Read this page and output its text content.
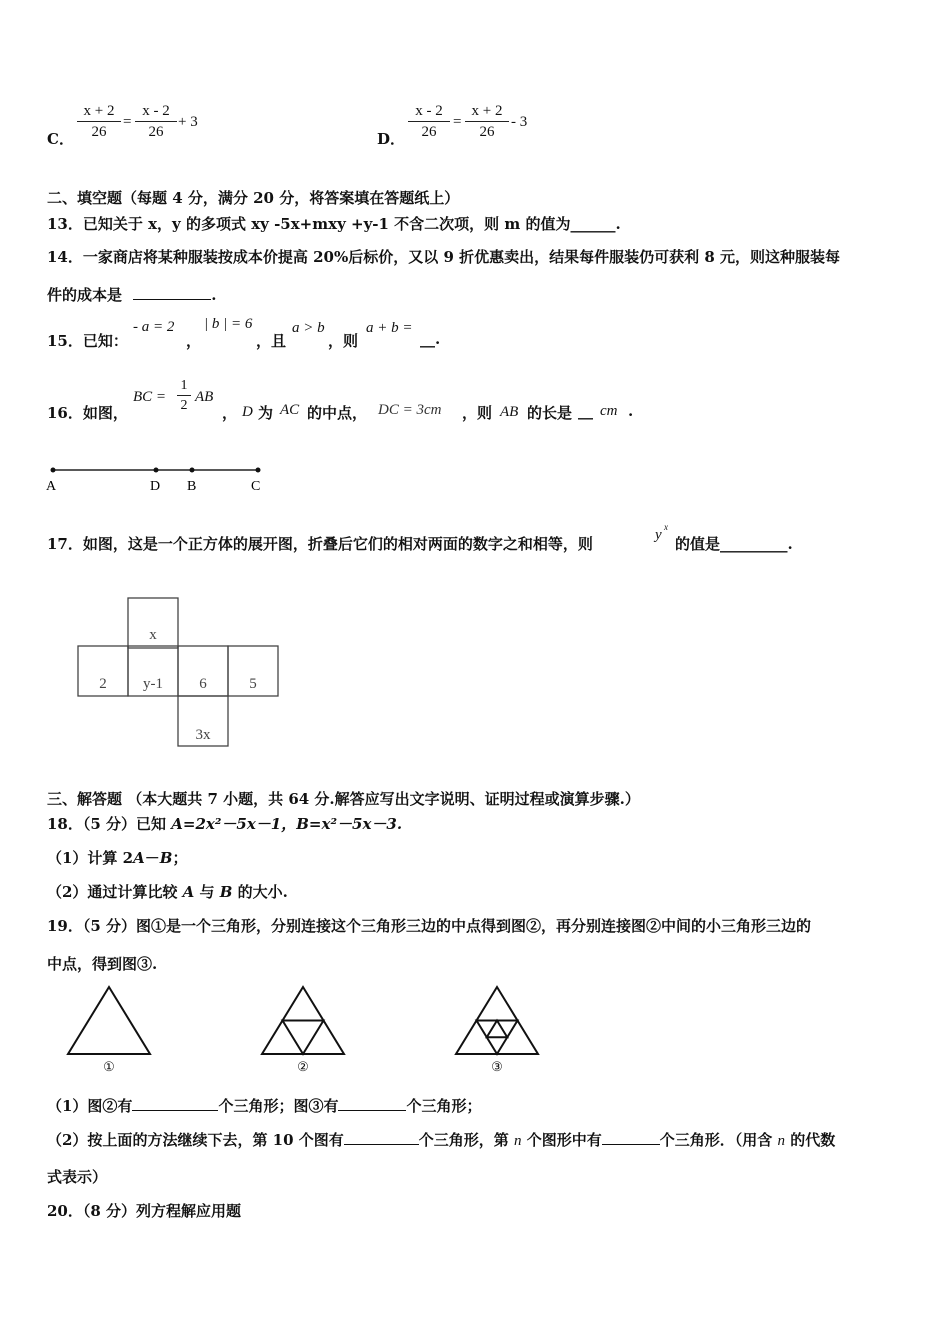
C． $\frac{x + 2}{26} = \frac{x - 2}{26} + 3$
D． $\frac{x - 2}{26} = \frac{x + 2}{26} - 3$
二、填空题（每题 4 分，满分 20 分，将答案填在答题纸上）
13．已知关于 x，y 的多项式 xy -5x+mxy +y-1 不含二次项，则 m 的值为______.
14．一家商店将某种服装按成本价提高 20%后标价，又以 9 折优惠卖出，结果每件服装仍可获利 8 元，则这种服装每
件的成本是	.
15．已知：
- a = 2
，
| b | = 6
，且
a > b
，则
a + b =
__.
16．如图，
BC = $\frac{1}{2}$ AB
， D 为 AC 的中点， DC = 3cm ，则 AB 的长是 __ cm .
A	D B	C
17．如图，这是一个正方体的展开图，折叠后它们的相对两面的数字之和相等，则	y x
的值是_________.
x
2 y-1 6	5
3x
三、解答题 （本大题共 7 小题，共 64 分.解答应写出文字说明、证明过程或演算步骤.）
18．（5 分）已知 A=2x²－5x－1，B=x²－5x－3.
（1）计算 2A－B；
（2）通过计算比较 A 与 B 的大小.
19．（5 分）图①是一个三角形，分别连接这个三角形三边的中点得到图②，再分别连接图②中间的小三角形三边的
中点，得到图③.
①	②	③
（1）图②有	个三角形；图③有	个三角形；
（2）按上面的方法继续下去，第 10 个图有	个三角形，第 n 个图形中有	个三角形．（用含 n 的代数
式表示）
20．（8 分）列方程解应用题
